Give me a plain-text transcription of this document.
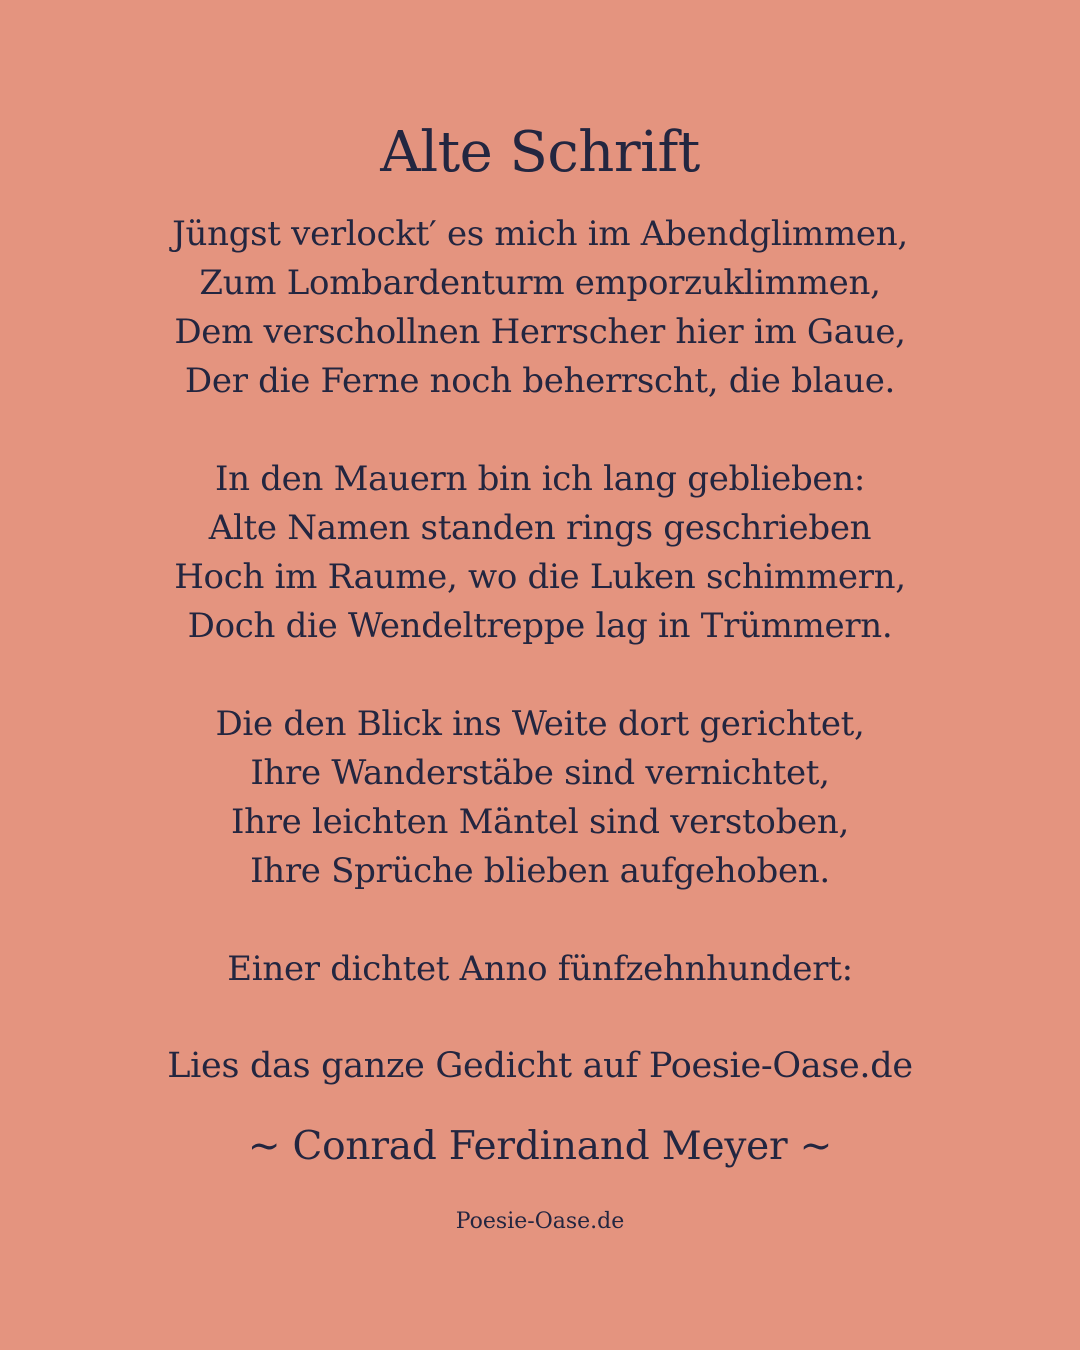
Alte Schrift

Jüngst verlockt′ es mich im Abendglimmen,
Zum Lombardenturm emporzuklimmen,
Dem verschollnen Herrscher hier im Gaue,
Der die Ferne noch beherrscht, die blaue.

In den Mauern bin ich lang geblieben:
Alte Namen standen rings geschrieben
Hoch im Raume, wo die Luken schimmern,
Doch die Wendeltreppe lag in Trümmern.

Die den Blick ins Weite dort gerichtet,
Ihre Wanderstäbe sind vernichtet,
Ihre leichten Mäntel sind verstoben,
Ihre Sprüche blieben aufgehoben.

Einer dichtet Anno fünfzehnhundert:

Lies das ganze Gedicht auf Poesie-Oase.de
~ Conrad Ferdinand Meyer ~
Poesie-Oase.de
